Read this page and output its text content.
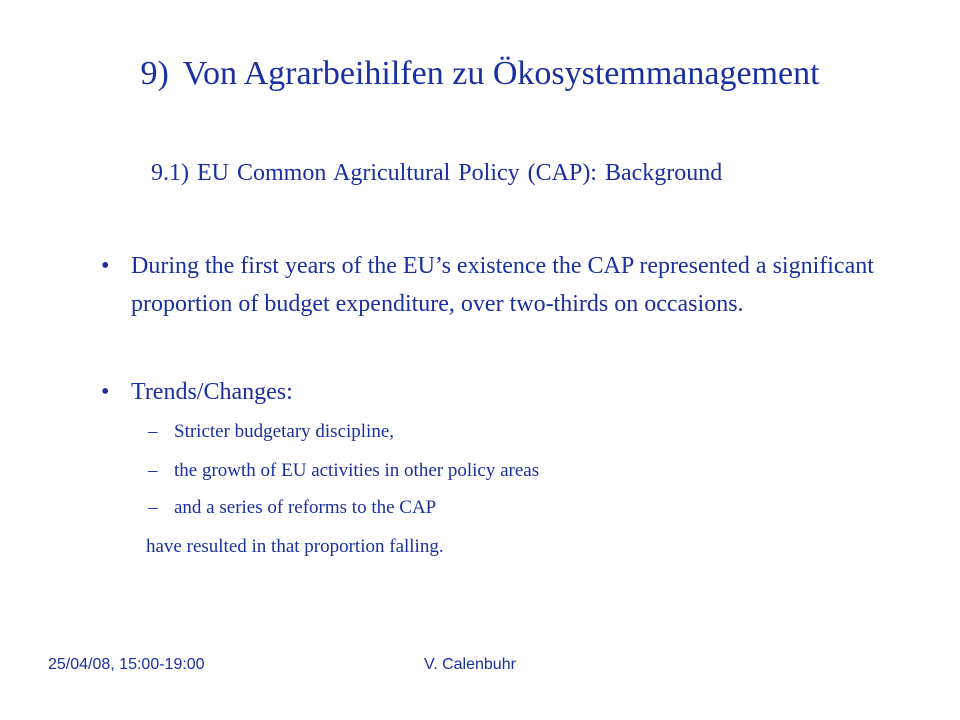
9) Von Agrarbeihilfen zu Ökosystemmanagement
9.1) EU Common Agricultural Policy (CAP): Background
• During the first years of the EU’s existence the CAP represented a significant proportion of budget expenditure, over two-thirds on occasions.
• Trends/Changes:
– Stricter budgetary discipline,
– the growth of EU activities in other policy areas
– and a series of reforms to the CAP
have resulted in that proportion falling.
25/04/08, 15:00-19:00	V. Calenbuhr
